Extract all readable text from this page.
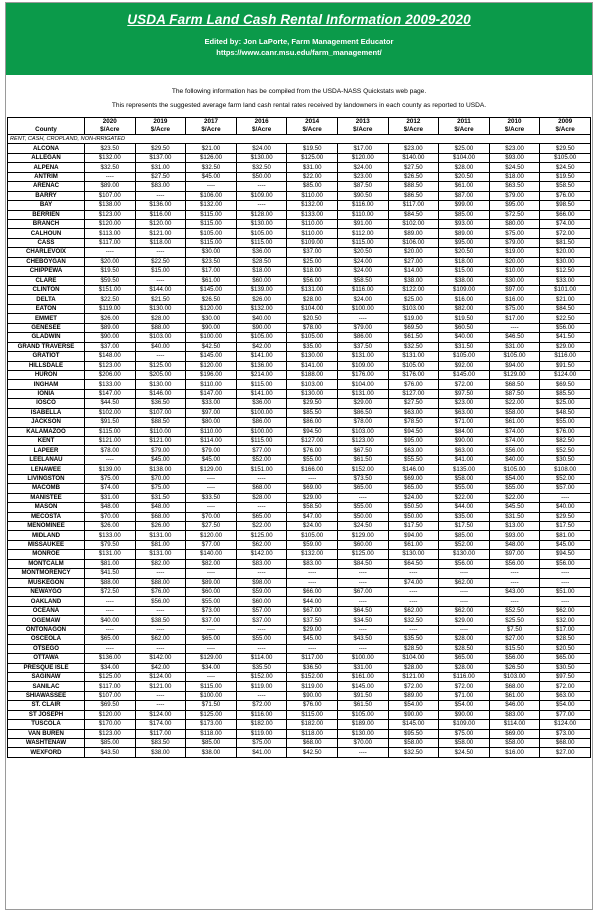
USDA Farm Land Cash Rental Information 2009-2020
Edited by: Jon LaPorte, Farm Management Educator
https://www.canr.msu.edu/farm_management/
The following information has be compiled from the USDA-NASS Quickstats web page.
This represents the suggested average farm land cash rental rates received by landowners in each county as reported to USDA.
	2020	2019	2017	2016	2014	2013	2012	2011	2010	2009
County	$/Acre	$/Acre	$/Acre	$/Acre	$/Acre	$/Acre	$/Acre	$/Acre	$/Acre	$/Acre
RENT, CASH, CROPLAND, NON-IRRIGATED										
ALCONA	$23.50	$29.50	$21.00	$24.00	$19.50	$17.00	$23.00	$25.00	$23.00	$29.50
ALLEGAN	$132.00	$137.00	$126.00	$130.00	$125.00	$120.00	$140.00	$104.00	$93.00	$105.00
ALPENA	$32.50	$31.00	$32.50	$32.50	$31.00	$24.00	$27.50	$28.00	$24.50	$24.50
ANTRIM	----	$27.50	$45.00	$50.00	$22.00	$23.00	$26.50	$20.50	$18.00	$19.50
ARENAC	$89.00	$83.00	----	----	$85.00	$87.50	$88.50	$61.00	$63.50	$58.50
BARRY	$107.00	----	$106.00	$109.00	$110.00	$90.50	$86.50	$87.00	$79.00	$76.00
BAY	$138.00	$136.00	$132.00	----	$132.00	$116.00	$117.00	$99.00	$95.00	$98.50
BERRIEN	$123.00	$116.00	$115.00	$128.00	$133.00	$110.00	$84.50	$85.00	$72.50	$66.00
BRANCH	$120.00	$120.00	$115.00	$130.00	$110.00	$91.00	$102.00	$93.00	$80.00	$74.00
CALHOUN	$113.00	$121.00	$105.00	$105.00	$110.00	$112.00	$89.00	$89.00	$75.00	$72.00
CASS	$117.00	$118.00	$115.00	$115.00	$109.00	$115.00	$106.00	$95.00	$79.00	$81.50
CHARLEVOIX	----	----	$30.00	$36.00	$37.00	$20.50	$20.00	$20.50	$19.00	$20.00
CHEBOYGAN	$20.00	$22.50	$23.50	$28.50	$25.00	$24.00	$27.00	$18.00	$20.00	$30.00
CHIPPEWA	$19.50	$15.00	$17.00	$18.00	$18.00	$24.00	$14.00	$15.00	$10.00	$12.50
CLARE	$59.50	----	$61.00	$60.00	$56.00	$58.50	$38.00	$38.00	$30.00	$33.00
CLINTON	$151.00	$144.00	$145.00	$139.00	$131.00	$116.00	$122.00	$109.00	$97.00	$101.00
DELTA	$22.50	$21.50	$26.50	$26.00	$28.00	$24.00	$25.00	$16.00	$16.00	$21.00
EATON	$119.00	$130.00	$120.00	$132.00	$104.00	$100.00	$103.00	$82.00	$75.00	$84.50
EMMET	$26.00	$28.00	$30.00	$40.00	$20.50	----	$19.00	$19.50	$17.00	$22.50
GENESEE	$89.00	$88.00	$90.00	$90.00	$78.00	$79.00	$69.50	$60.50	----	$56.00
GLADWIN	$90.00	$103.00	$100.00	$105.00	$105.00	$86.00	$61.50	$40.00	$46.50	$41.50
GRAND TRAVERSE	$37.00	$40.00	$42.50	$42.00	$35.00	$37.50	$32.50	$31.50	$31.00	$29.00
GRATIOT	$148.00	----	$145.00	$141.00	$130.00	$131.00	$131.00	$105.00	$105.00	$116.00
HILLSDALE	$123.00	$125.00	$120.00	$136.00	$141.00	$109.00	$105.00	$92.00	$94.00	$91.50
HURON	$206.00	$205.00	$196.00	$214.00	$188.00	$176.00	$176.00	$145.00	$129.00	$124.00
INGHAM	$133.00	$130.00	$110.00	$115.00	$103.00	$104.00	$76.00	$72.00	$68.50	$69.50
IONIA	$147.00	$146.00	$147.00	$141.00	$130.00	$131.00	$127.00	$97.50	$87.50	$85.50
IOSCO	$44.50	$36.50	$33.00	$36.00	$29.50	$29.00	$27.50	$23.00	$22.00	$25.00
ISABELLA	$102.00	$107.00	$97.00	$100.00	$85.50	$86.50	$63.00	$63.00	$58.00	$48.50
JACKSON	$91.50	$88.50	$80.00	$86.00	$86.00	$78.00	$78.50	$71.00	$61.00	$55.00
KALAMAZOO	$115.00	$110.00	$110.00	$100.00	$94.50	$103.00	$94.50	$84.00	$74.00	$76.00
KENT	$121.00	$121.00	$114.00	$115.00	$127.00	$123.00	$95.00	$90.00	$74.00	$82.50
LAPEER	$78.00	$79.00	$79.00	$77.00	$76.00	$67.50	$63.00	$63.00	$56.00	$52.50
LEELANAU	----	$45.00	$45.00	$52.00	$55.00	$61.50	$55.50	$41.00	$40.00	$30.50
LENAWEE	$139.00	$138.00	$129.00	$151.00	$166.00	$152.00	$146.00	$135.00	$105.00	$108.00
LIVINGSTON	$75.00	$70.00	----	----	----	$73.50	$69.00	$58.00	$54.00	$52.00
MACOMB	$74.00	$75.00	----	$68.00	$69.00	$65.00	$65.00	$55.00	$55.00	$57.00
MANISTEE	$31.00	$31.50	$33.50	$28.00	$29.00	----	$24.00	$22.00	$22.00	----
MASON	$48.00	$48.00	----	----	$58.50	$55.00	$50.50	$44.00	$45.50	$40.00
MECOSTA	$70.00	$68.00	$70.00	$65.00	$47.00	$50.00	$50.00	$35.00	$31.50	$29.50
MENOMINEE	$26.00	$26.00	$27.50	$22.00	$24.00	$24.50	$17.50	$17.50	$13.00	$17.50
MIDLAND	$133.00	$131.00	$120.00	$125.00	$105.00	$129.00	$94.00	$85.00	$93.00	$81.00
MISSAUKEE	$79.50	$81.00	$77.00	$62.00	$59.00	$60.00	$61.00	$52.00	$48.00	$45.00
MONROE	$131.00	$131.00	$140.00	$142.00	$132.00	$125.00	$130.00	$130.00	$97.00	$94.50
MONTCALM	$81.00	$82.00	$82.00	$83.00	$83.00	$84.50	$64.50	$56.00	$56.00	$56.00
MONTMORENCY	$41.50	----	----	----	----	----	----	----	----	----
MUSKEGON	$88.00	$88.00	$89.00	$98.00	----	----	$74.00	$62.00	----	----
NEWAYGO	$72.50	$76.00	$60.00	$59.00	$66.00	$67.00	----	----	$43.00	$51.00
OAKLAND	----	$56.00	$55.00	$60.00	$44.00	----	----	----	----	----
OCEANA	----	----	$73.00	$57.00	$67.00	$64.50	$62.00	$62.00	$52.50	$62.00
OGEMAW	$40.00	$38.50	$37.00	$37.00	$37.50	$34.50	$32.50	$29.00	$25.50	$32.00
ONTONAGON	----	----	----	----	$29.00	----	----	----	$7.50	$17.00
OSCEOLA	$65.00	$62.00	$65.00	$55.00	$45.00	$43.50	$35.50	$28.00	$27.00	$28.50
OTSEGO	----	----	----	----	----	----	$28.50	$28.50	$15.50	$20.50
OTTAWA	$136.00	$142.00	$129.00	$114.00	$117.00	$100.00	$104.00	$65.00	$56.00	$65.00
PRESQUE ISLE	$34.00	$42.00	$34.00	$35.50	$36.50	$31.00	$28.00	$28.00	$26.50	$30.50
SAGINAW	$125.00	$124.00	----	$152.00	$152.00	$161.00	$121.00	$116.00	$103.00	$97.50
SANILAC	$117.00	$121.00	$115.00	$119.00	$119.00	$145.00	$72.00	$72.00	$68.00	$72.00
SHIAWASSEE	$107.00	----	$100.00	----	$90.00	$91.50	$89.00	$71.00	$61.00	$63.00
ST. CLAIR	$69.50	----	$71.50	$72.00	$76.00	$61.50	$54.00	$54.00	$46.00	$54.00
ST JOSEPH	$120.00	$124.00	$125.00	$116.00	$115.00	$105.00	$90.00	$90.00	$83.00	$77.00
TUSCOLA	$170.00	$174.00	$173.00	$182.00	$182.00	$189.00	$145.00	$109.00	$114.00	$124.00
VAN BUREN	$123.00	$117.00	$118.00	$119.00	$118.00	$130.00	$95.50	$75.00	$69.00	$73.00
WASHTENAW	$85.00	$83.50	$85.00	$75.00	$68.00	$70.00	$58.00	$58.00	$58.00	$68.00
WEXFORD	$43.50	$38.00	$38.00	$41.00	$42.50	----	$32.50	$24.50	$16.00	$27.00
